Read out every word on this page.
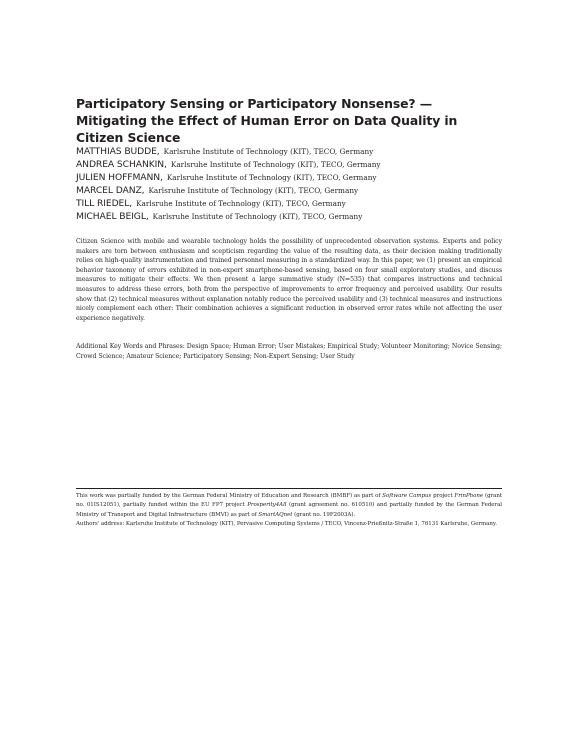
Participatory Sensing or Participatory Nonsense? — Mitigating the Effect of Human Error on Data Quality in Citizen Science
MATTHIAS BUDDE, Karlsruhe Institute of Technology (KIT), TECO, Germany
ANDREA SCHANKIN, Karlsruhe Institute of Technology (KIT), TECO, Germany
JULIEN HOFFMANN, Karlsruhe Institute of Technology (KIT), TECO, Germany
MARCEL DANZ, Karlsruhe Institute of Technology (KIT), TECO, Germany
TILL RIEDEL, Karlsruhe Institute of Technology (KIT), TECO, Germany
MICHAEL BEIGL, Karlsruhe Institute of Technology (KIT), TECO, Germany

Citizen Science with mobile and wearable technology holds the possibility of unprecedented observation systems. Experts and policy makers are torn between enthusiasm and scepticism regarding the value of the resulting data, as their decision making traditionally relies on high-quality instrumentation and trained personnel measuring in a standardized way. In this paper, we (1) present an empirical behavior taxonomy of errors exhibited in non-expert smartphone-based sensing, based on four small exploratory studies, and discuss measures to mitigate their effects. We then present a large summative study (N=535) that compares instructions and technical measures to address these errors, both from the perspective of improvements to error frequency and perceived usability. Our results show that (2) technical measures without explanation notably reduce the perceived usability and (3) technical measures and instructions nicely complement each other: Their combination achieves a significant reduction in observed error rates while not affecting the user experience negatively.

Additional Key Words and Phrases: Design Space; Human Error; User Mistakes; Empirical Study; Volunteer Monitoring; Novice Sensing; Crowd Science; Amateur Science; Participatory Sensing; Non-Expert Sensing; User Study

This work was partially funded by the German Federal Ministry of Education and Research (BMBF) as part of Software Campus project FrinPhone (grant no. 01IS12051), partially funded within the EU FP7 project Prosperity4All (grant agreement no. 610510) and partially funded by the German Federal Ministry of Transport and Digital Infrastructure (BMVI) as part of SmartAQnet (grant no. 19F2003A).

Authors' address: Karlsruhe Institute of Technology (KIT), Pervasive Computing Systems / TECO, Vincenz-Prießnitz-Straße 1, 76131 Karlsruhe, Germany.
